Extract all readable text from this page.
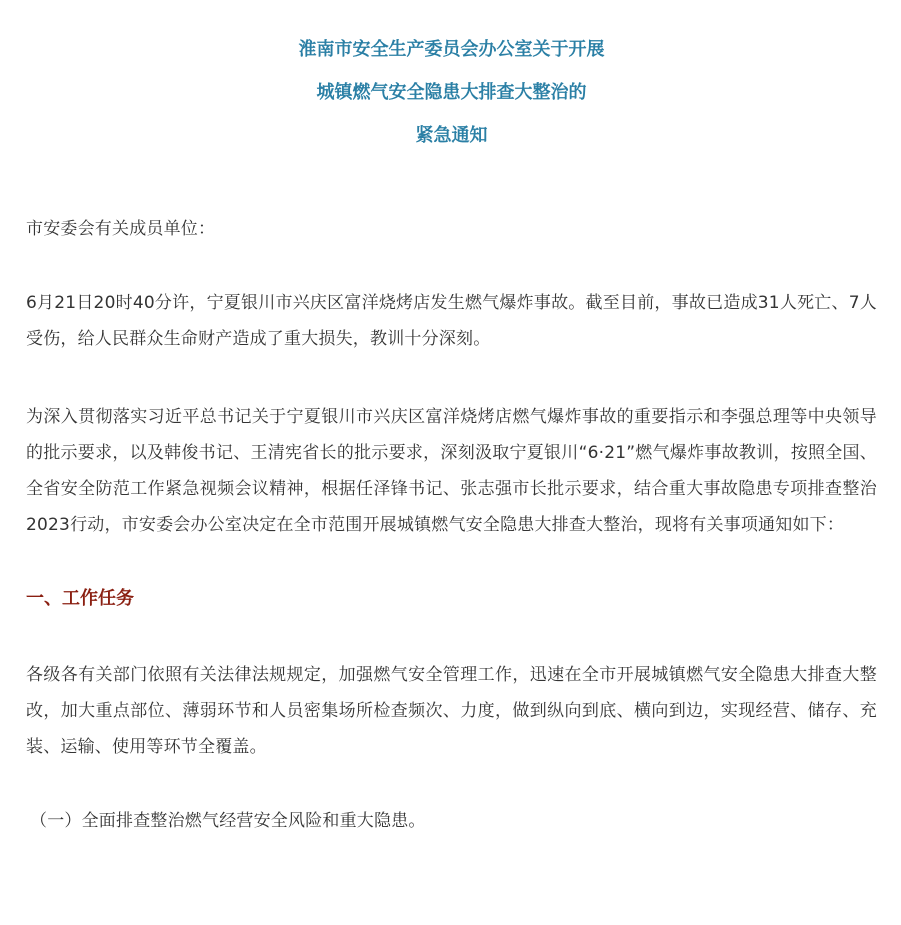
淮南市安全生产委员会办公室关于开展
城镇燃气安全隐患大排查大整治的
紧急通知

市安委会有关成员单位：

6月21日20时40分许，宁夏银川市兴庆区富洋烧烤店发生燃气爆炸事故。截至目前，事故已造成31人死亡、7人受伤，给人民群众生命财产造成了重大损失，教训十分深刻。

为深入贯彻落实习近平总书记关于宁夏银川市兴庆区富洋烧烤店燃气爆炸事故的重要指示和李强总理等中央领导的批示要求，以及韩俊书记、王清宪省长的批示要求，深刻汲取宁夏银川“6·21”燃气爆炸事故教训，按照全国、全省安全防范工作紧急视频会议精神，根据任泽锋书记、张志强市长批示要求，结合重大事故隐患专项排查整治2023行动，市安委会办公室决定在全市范围开展城镇燃气安全隐患大排查大整治，现将有关事项通知如下：

一、工作任务

各级各有关部门依照有关法律法规规定，加强燃气安全管理工作，迅速在全市开展城镇燃气安全隐患大排查大整改，加大重点部位、薄弱环节和人员密集场所检查频次、力度，做到纵向到底、横向到边，实现经营、储存、充装、运输、使用等环节全覆盖。

（一）全面排查整治燃气经营安全风险和重大隐患。
